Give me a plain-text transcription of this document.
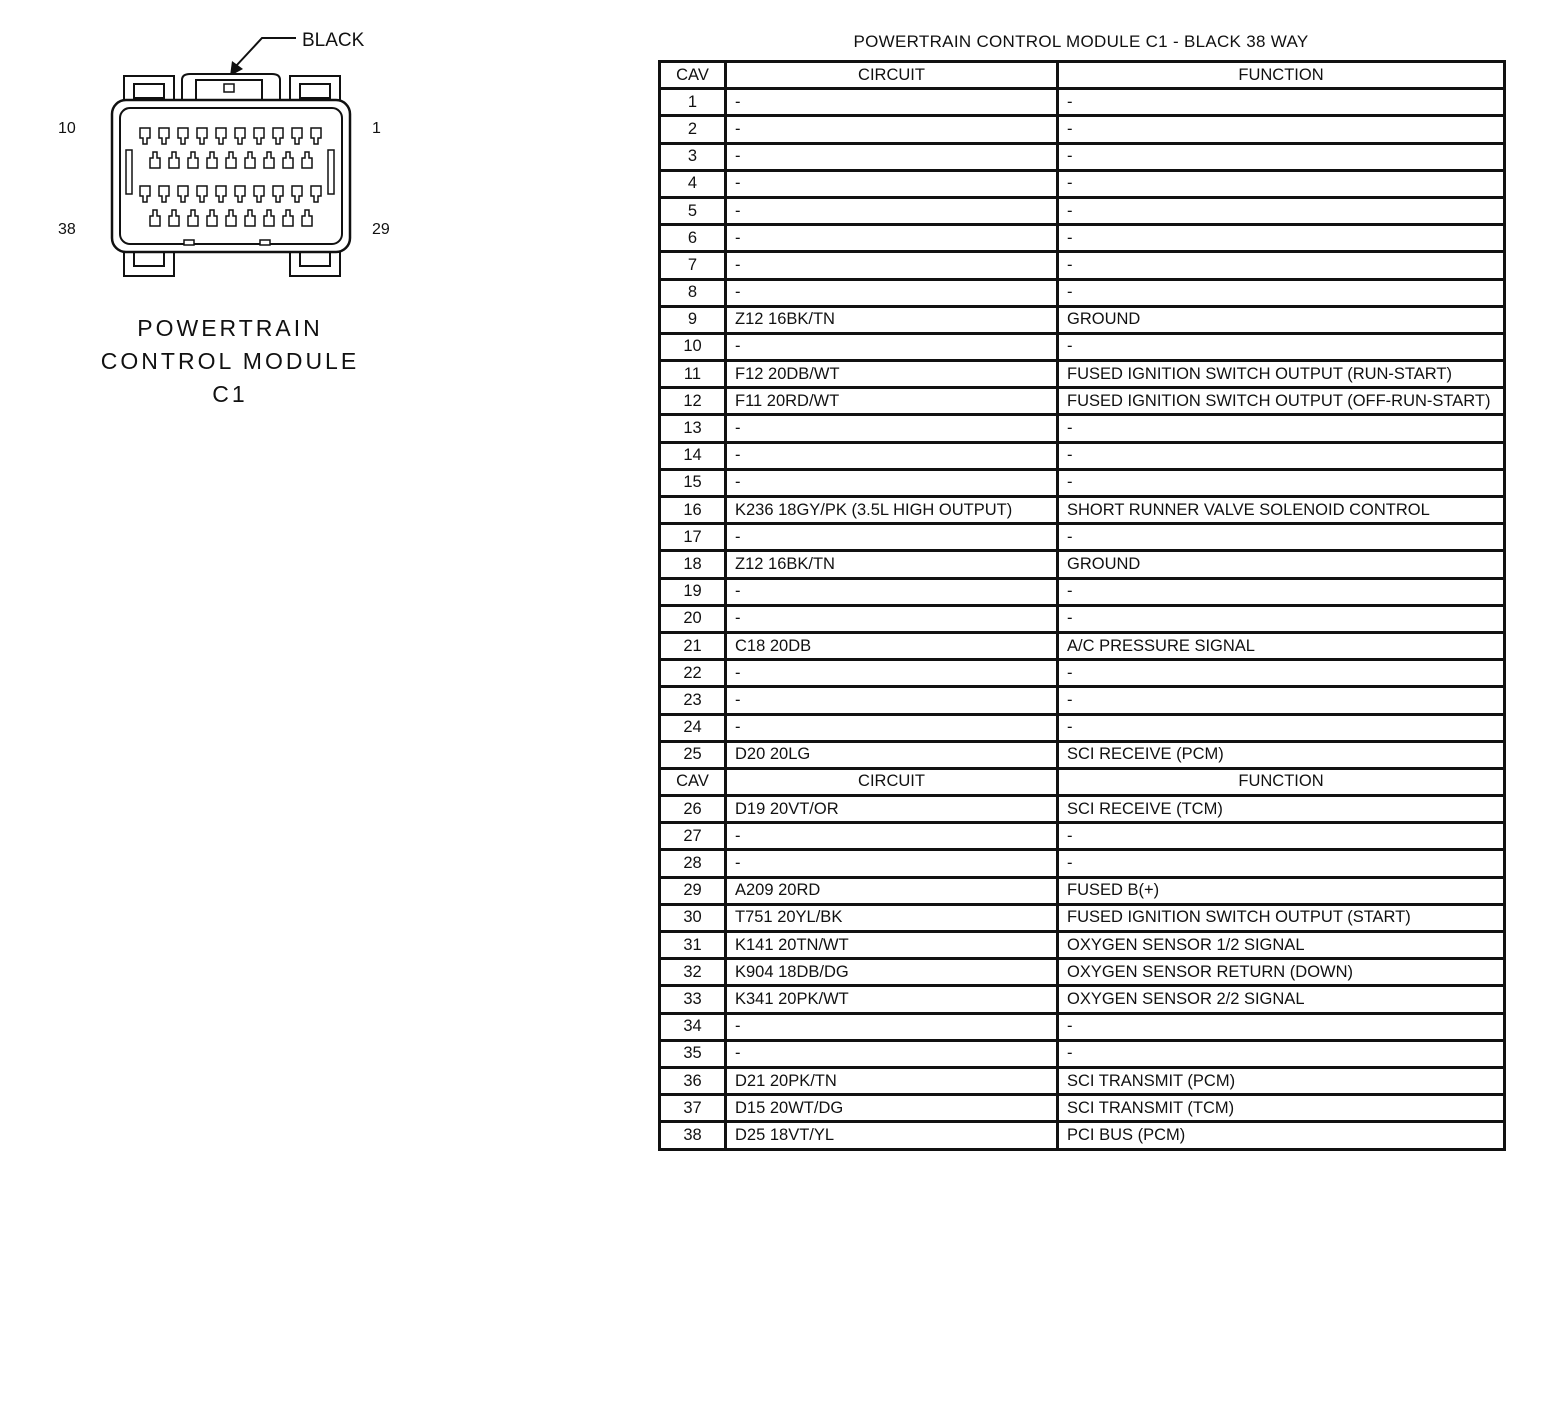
BLACK
10	1
38	29
POWERTRAIN
CONTROL MODULE
C1
POWERTRAIN CONTROL MODULE C1 - BLACK 38 WAY
CAV	CIRCUIT	FUNCTION
1	-	-
2	-	-
3	-	-
4	-	-
5	-	-
6	-	-
7	-	-
8	-	-
9	Z12 16BK/TN	GROUND
10	-	-
11	F12 20DB/WT	FUSED IGNITION SWITCH OUTPUT (RUN-START)
12	F11 20RD/WT	FUSED IGNITION SWITCH OUTPUT (OFF-RUN-START)
13	-	-
14	-	-
15	-	-
16	K236 18GY/PK (3.5L HIGH OUTPUT)	SHORT RUNNER VALVE SOLENOID CONTROL
17	-	-
18	Z12 16BK/TN	GROUND
19	-	-
20	-	-
21	C18 20DB	A/C PRESSURE SIGNAL
22	-	-
23	-	-
24	-	-
25	D20 20LG	SCI RECEIVE (PCM)
CAV	CIRCUIT	FUNCTION
26	D19 20VT/OR	SCI RECEIVE (TCM)
27	-	-
28	-	-
29	A209 20RD	FUSED B(+)
30	T751 20YL/BK	FUSED IGNITION SWITCH OUTPUT (START)
31	K141 20TN/WT	OXYGEN SENSOR 1/2 SIGNAL
32	K904 18DB/DG	OXYGEN SENSOR RETURN (DOWN)
33	K341 20PK/WT	OXYGEN SENSOR 2/2 SIGNAL
34	-	-
35	-	-
36	D21 20PK/TN	SCI TRANSMIT (PCM)
37	D15 20WT/DG	SCI TRANSMIT (TCM)
38	D25 18VT/YL	PCI BUS (PCM)
